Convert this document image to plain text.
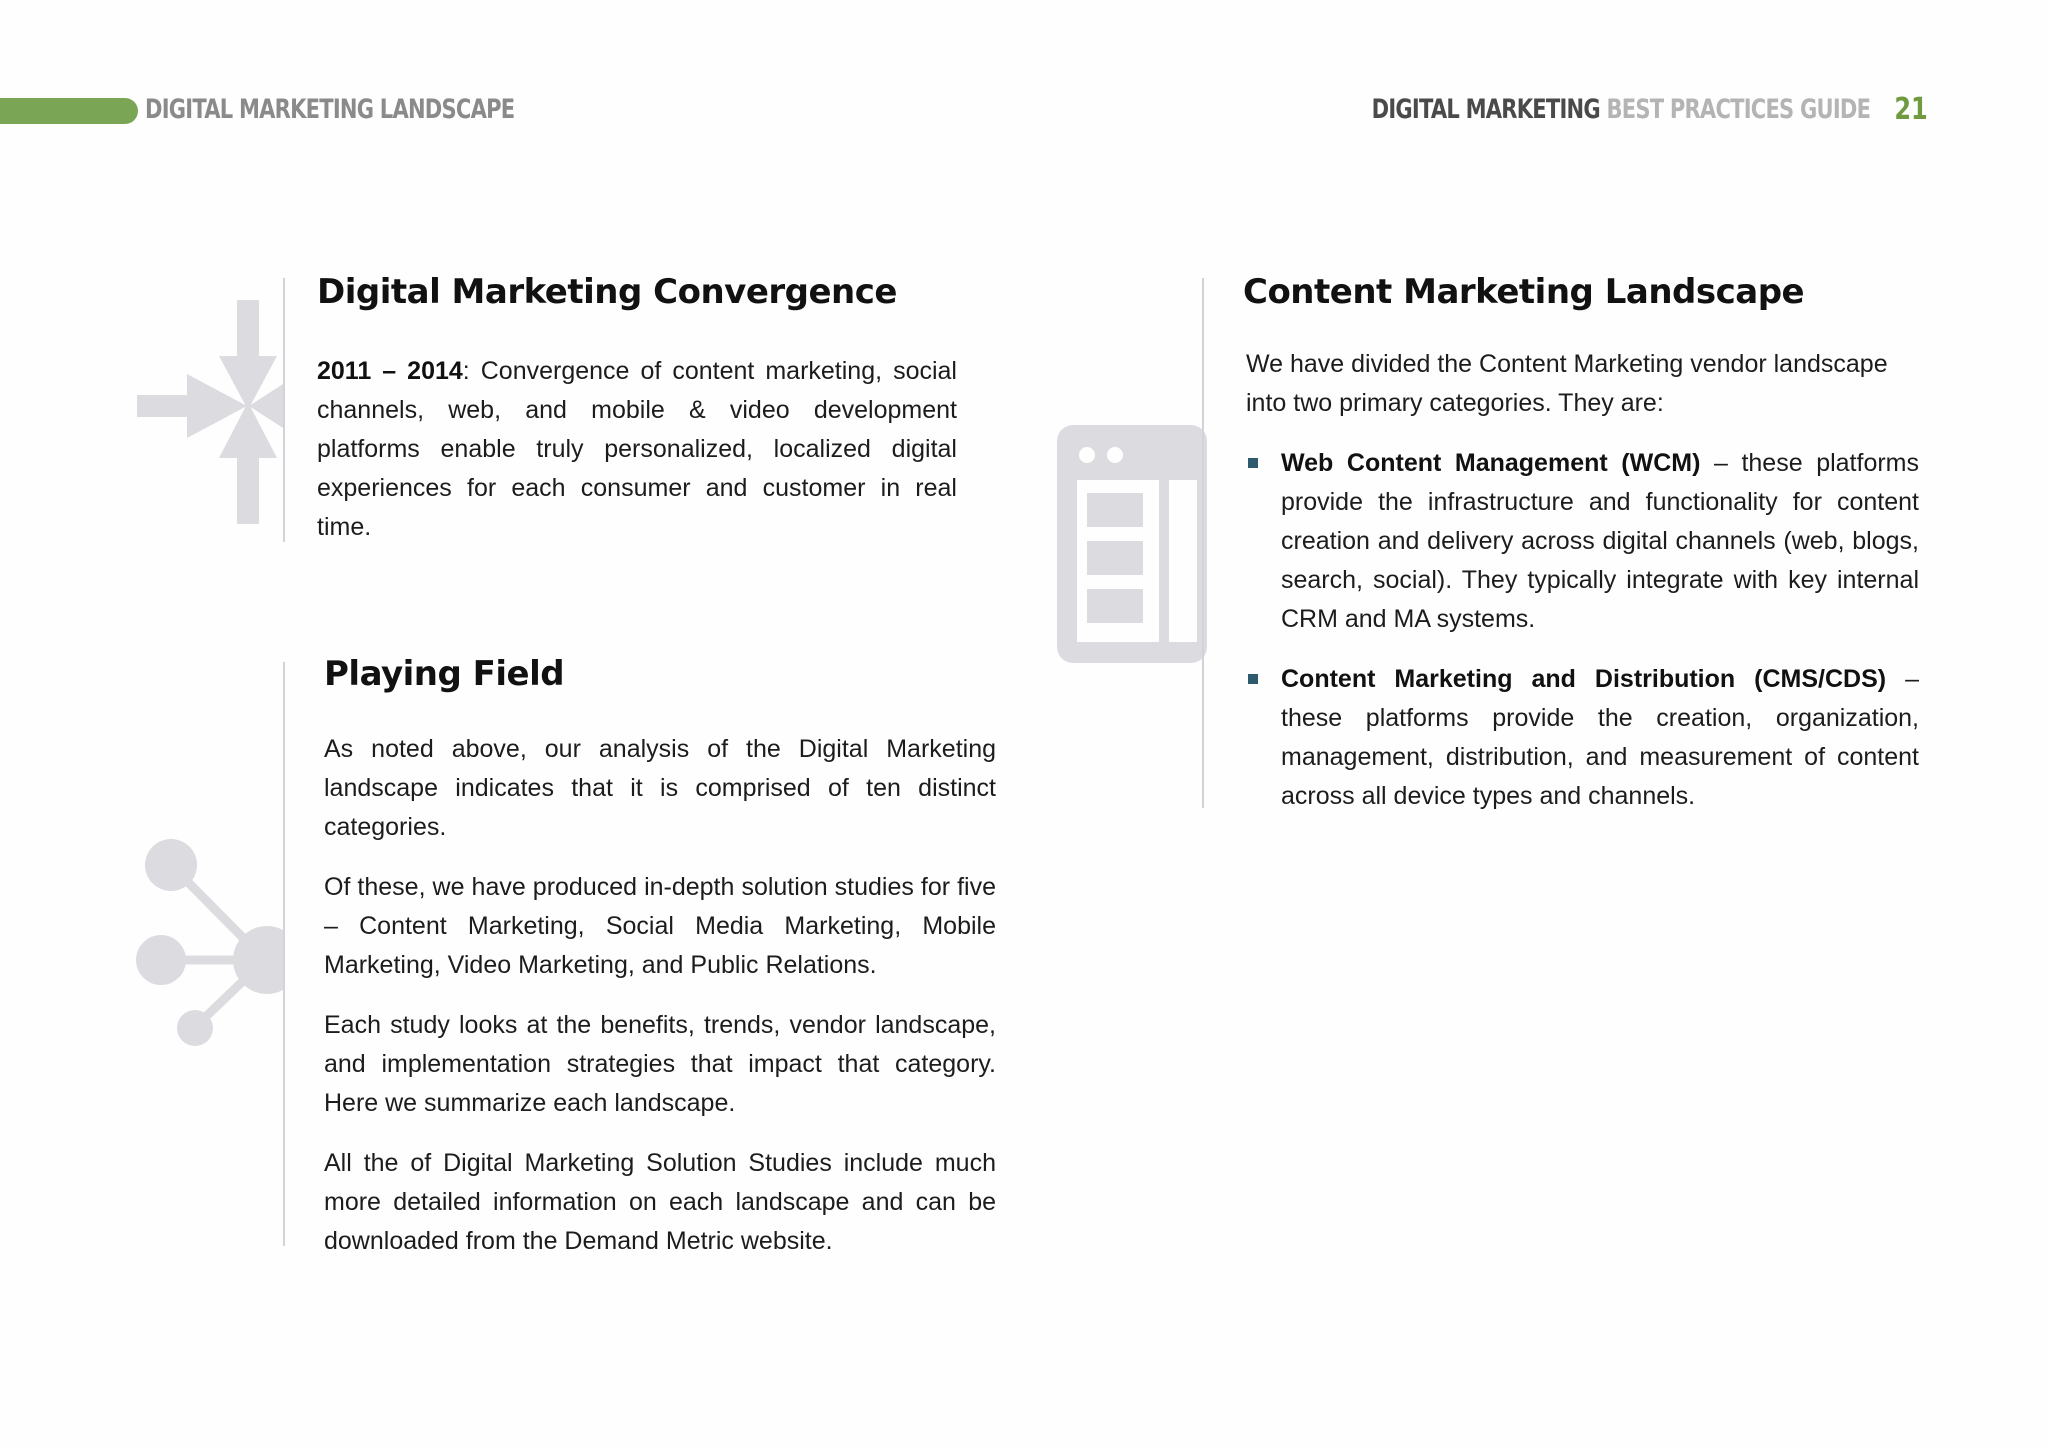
DIGITAL MARKETING LANDSCAPE	DIGITAL MARKETING BEST PRACTICES GUIDE 21
Digital Marketing Convergence
2011 – 2014: Convergence of content marketing, social channels, web, and mobile & video development platforms enable truly personalized, localized digital experiences for each consumer and customer in real time.
Playing Field
As noted above, our analysis of the Digital Marketing landscape indicates that it is comprised of ten distinct categories.
Of these, we have produced in-depth solution studies for five – Content Marketing, Social Media Marketing, Mobile Marketing, Video Marketing, and Public Relations.
Each study looks at the benefits, trends, vendor landscape, and implementation strategies that impact that category. Here we summarize each landscape.
All the of Digital Marketing Solution Studies include much more detailed information on each landscape and can be downloaded from the Demand Metric website.
Content Marketing Landscape
We have divided the Content Marketing vendor landscape into two primary categories. They are:
Web Content Management (WCM) – these platforms provide the infrastructure and functionality for content creation and delivery across digital channels (web, blogs, search, social). They typically integrate with key internal CRM and MA systems.
Content Marketing and Distribution (CMS/CDS) – these platforms provide the creation, organization, management, distribution, and measurement of content across all device types and channels.
